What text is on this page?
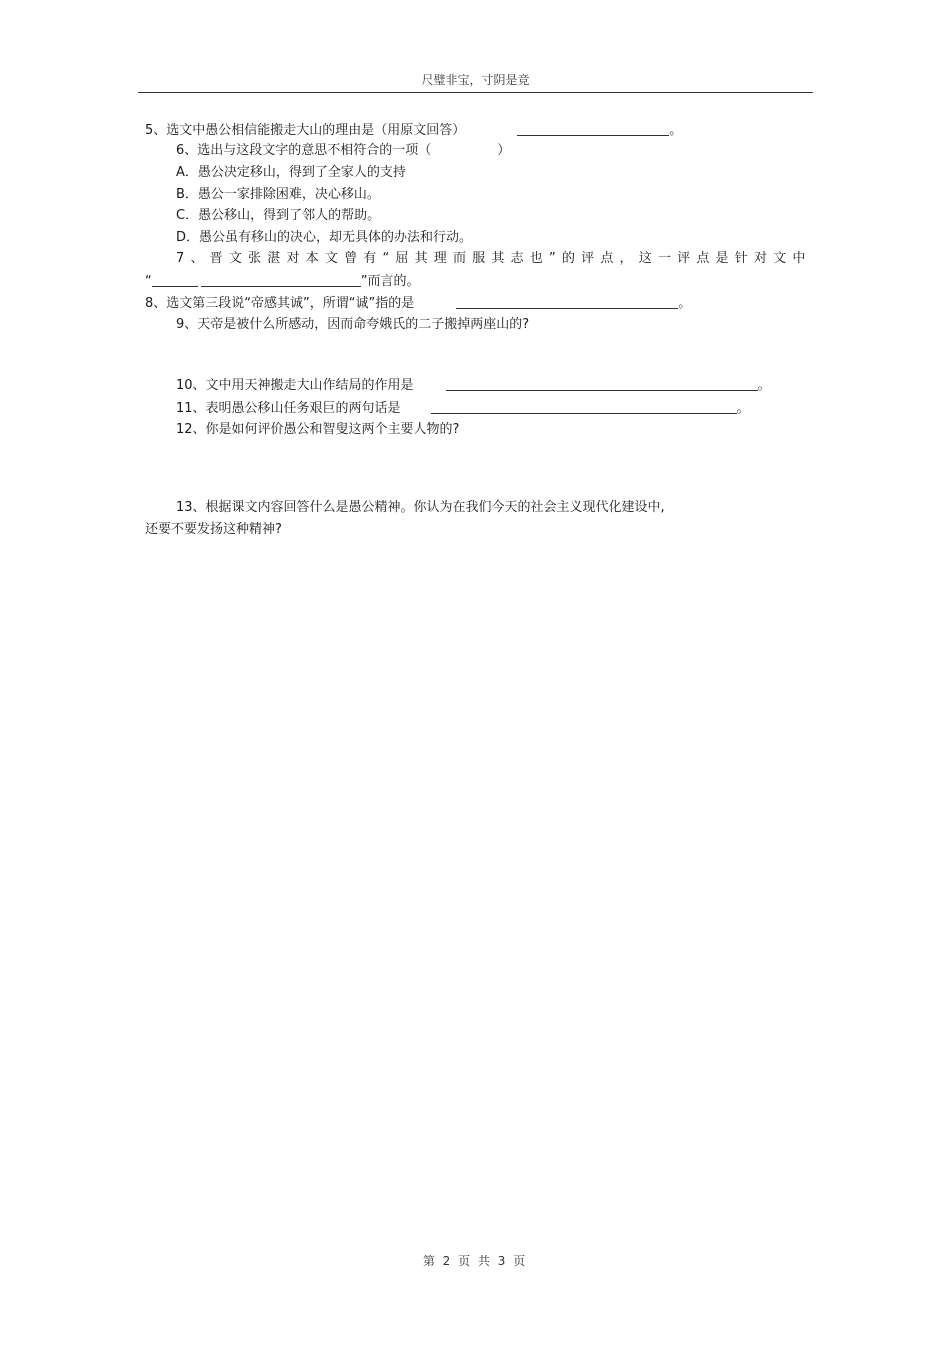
尺璧非宝，寸阴是竞
5、选文中愚公相信能搬走大山的理由是（用原文回答）	。
6、选出与这段文字的意思不相符合的一项（	）
A．愚公决定移山，得到了全家人的支持
B．愚公一家排除困难，决心移山。
C．愚公移山，得到了邻人的帮助。
D．愚公虽有移山的决心，却无具体的办法和行动。
7、晋文张湛对本文曾有“屈其理而服其志也”的评点，这一评点是针对文中
“	”而言的。
8、选文第三段说“帝感其诚”，所谓“诚”指的是	。
9、天帝是被什么所感动，因而命夸娥氏的二子搬掉两座山的?
10、文中用天神搬走大山作结局的作用是	。
11、表明愚公移山任务艰巨的两句话是	。
12、你是如何评价愚公和智叟这两个主要人物的?
13、根据课文内容回答什么是愚公精神。你认为在我们今天的社会主义现代化建设中,
还要不要发扬这种精神?
第 2 页 共 3 页
